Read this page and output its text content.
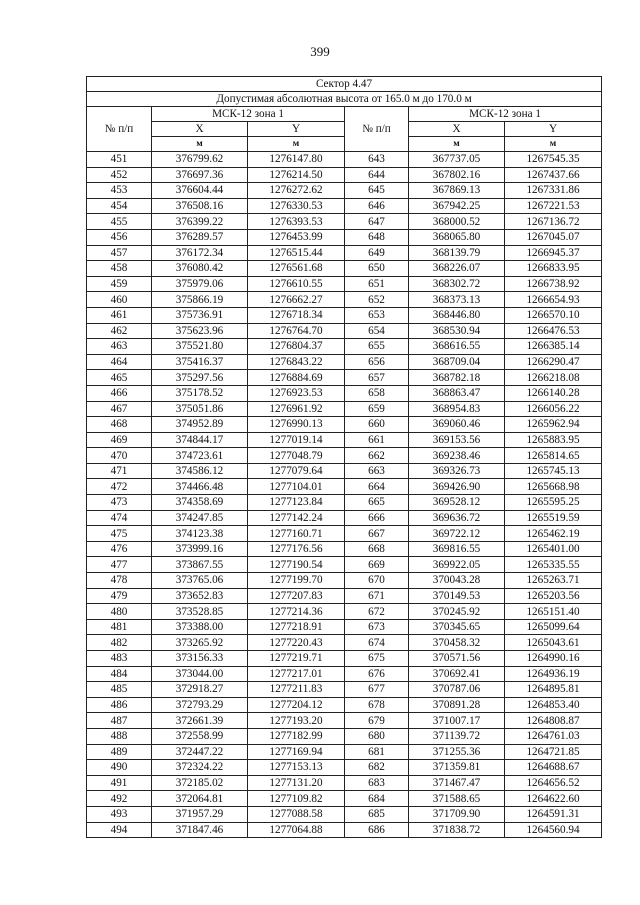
399
Сектор 4.47					
Допустимая абсолютная высота от 165.0 м до 170.0 м					
№ п/п	МСК-12 зона 1		№ п/п	МСК-12 зона 1	
	X	Y		X	Y
	м	м		м	м
451	376799.62	1276147.80	643	367737.05	1267545.35
452	376697.36	1276214.50	644	367802.16	1267437.66
453	376604.44	1276272.62	645	367869.13	1267331.86
454	376508.16	1276330.53	646	367942.25	1267221.53
455	376399.22	1276393.53	647	368000.52	1267136.72
456	376289.57	1276453.99	648	368065.80	1267045.07
457	376172.34	1276515.44	649	368139.79	1266945.37
458	376080.42	1276561.68	650	368226.07	1266833.95
459	375979.06	1276610.55	651	368302.72	1266738.92
460	375866.19	1276662.27	652	368373.13	1266654.93
461	375736.91	1276718.34	653	368446.80	1266570.10
462	375623.96	1276764.70	654	368530.94	1266476.53
463	375521.80	1276804.37	655	368616.55	1266385.14
464	375416.37	1276843.22	656	368709.04	1266290.47
465	375297.56	1276884.69	657	368782.18	1266218.08
466	375178.52	1276923.53	658	368863.47	1266140.28
467	375051.86	1276961.92	659	368954.83	1266056.22
468	374952.89	1276990.13	660	369060.46	1265962.94
469	374844.17	1277019.14	661	369153.56	1265883.95
470	374723.61	1277048.79	662	369238.46	1265814.65
471	374586.12	1277079.64	663	369326.73	1265745.13
472	374466.48	1277104.01	664	369426.90	1265668.98
473	374358.69	1277123.84	665	369528.12	1265595.25
474	374247.85	1277142.24	666	369636.72	1265519.59
475	374123.38	1277160.71	667	369722.12	1265462.19
476	373999.16	1277176.56	668	369816.55	1265401.00
477	373867.55	1277190.54	669	369922.05	1265335.55
478	373765.06	1277199.70	670	370043.28	1265263.71
479	373652.83	1277207.83	671	370149.53	1265203.56
480	373528.85	1277214.36	672	370245.92	1265151.40
481	373388.00	1277218.91	673	370345.65	1265099.64
482	373265.92	1277220.43	674	370458.32	1265043.61
483	373156.33	1277219.71	675	370571.56	1264990.16
484	373044.00	1277217.01	676	370692.41	1264936.19
485	372918.27	1277211.83	677	370787.06	1264895.81
486	372793.29	1277204.12	678	370891.28	1264853.40
487	372661.39	1277193.20	679	371007.17	1264808.87
488	372558.99	1277182.99	680	371139.72	1264761.03
489	372447.22	1277169.94	681	371255.36	1264721.85
490	372324.22	1277153.13	682	371359.81	1264688.67
491	372185.02	1277131.20	683	371467.47	1264656.52
492	372064.81	1277109.82	684	371588.65	1264622.60
493	371957.29	1277088.58	685	371709.90	1264591.31
494	371847.46	1277064.88	686	371838.72	1264560.94
